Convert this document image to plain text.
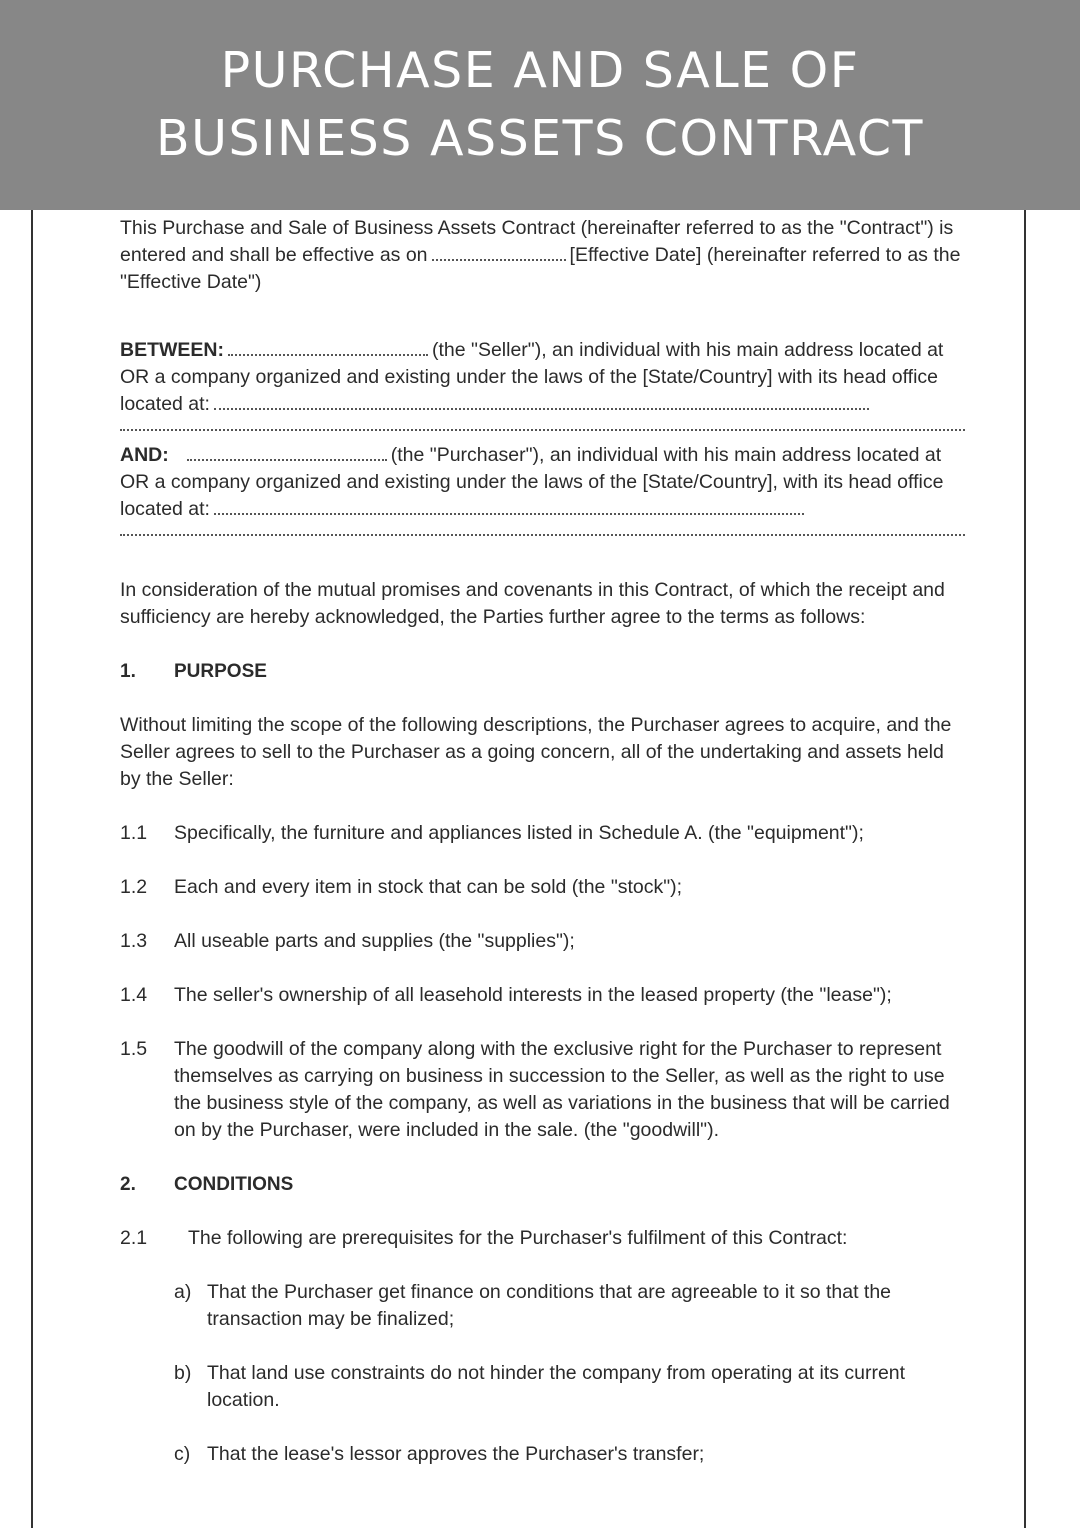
PURCHASE AND SALE OF
BUSINESS ASSETS CONTRACT

This Purchase and Sale of Business Assets Contract (hereinafter referred to as the "Contract") is entered and shall be effective as on	[Effective Date] (hereinafter referred to as the "Effective Date")

BETWEEN:	(the "Seller"), an individual with his main address located at OR a company organized and existing under the laws of the [State/Country] with its head office located at:

AND:	(the "Purchaser"), an individual with his main address located at OR a company organized and existing under the laws of the [State/Country], with its head office located at:

In consideration of the mutual promises and covenants in this Contract, of which the receipt and sufficiency are hereby acknowledged, the Parties further agree to the terms as follows:

1.	PURPOSE

Without limiting the scope of the following descriptions, the Purchaser agrees to acquire, and the Seller agrees to sell to the Purchaser as a going concern, all of the undertaking and assets held by the Seller:

1.1	Specifically, the furniture and appliances listed in Schedule A. (the "equipment");
1.2	Each and every item in stock that can be sold (the "stock");
1.3	All useable parts and supplies (the "supplies");
1.4	The seller's ownership of all leasehold interests in the leased property (the "lease");
1.5	The goodwill of the company along with the exclusive right for the Purchaser to represent themselves as carrying on business in succession to the Seller, as well as the right to use the business style of the company, as well as variations in the business that will be carried on by the Purchaser, were included in the sale. (the "goodwill").
2.	CONDITIONS
2.1	The following are prerequisites for the Purchaser's fulfilment of this Contract:
a) That the Purchaser get finance on conditions that are agreeable to it so that the transaction may be finalized;
b) That land use constraints do not hinder the company from operating at its current location.
c) That the lease's lessor approves the Purchaser's transfer;
